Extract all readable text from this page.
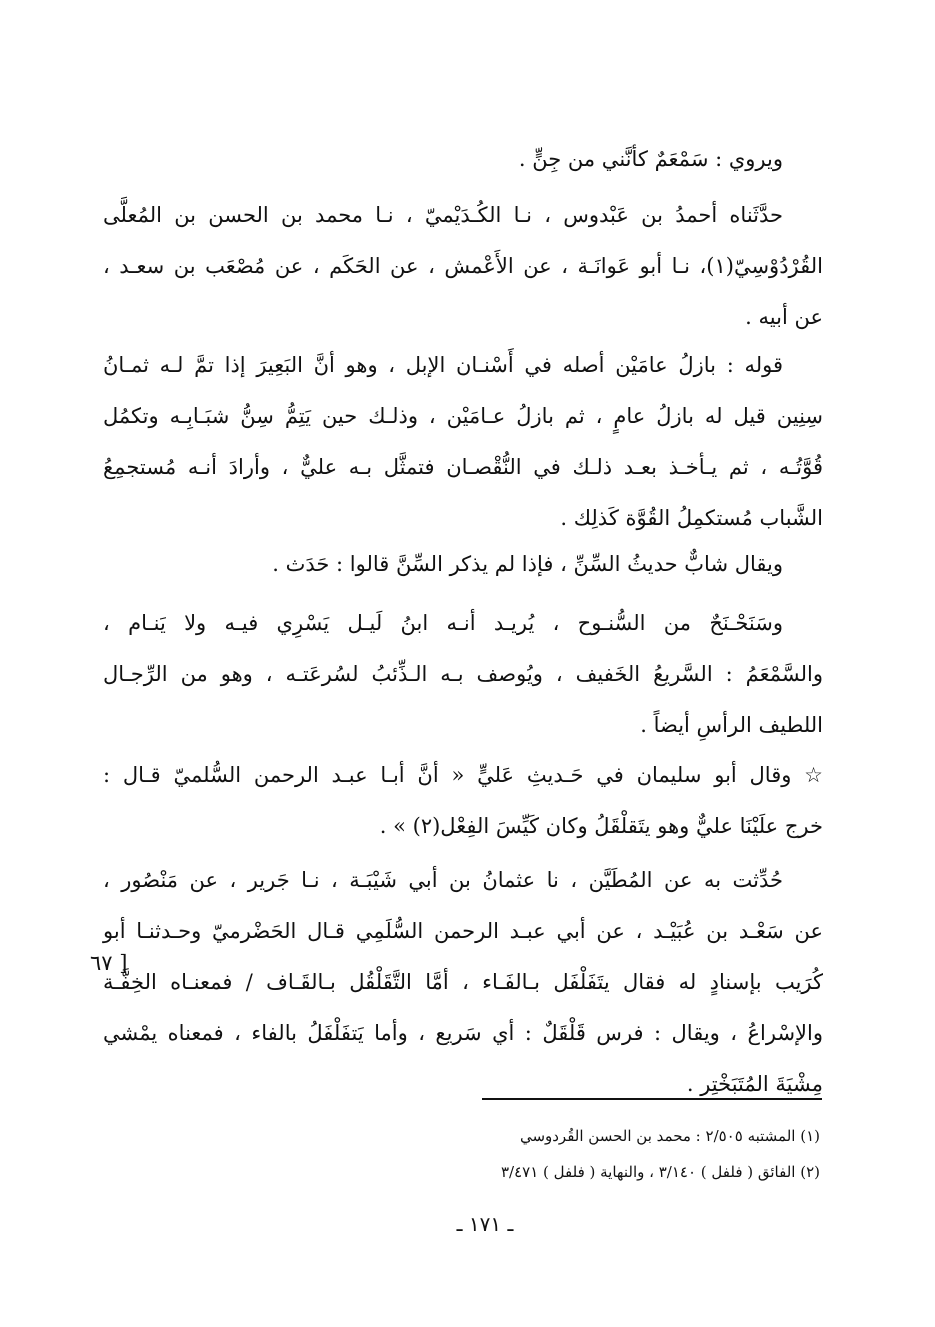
ويروي : سَمْعَمٌ كأنَّني من جِنٍّ .
حدَّثَناه أحمدُ بن عَبْدوس ، نـا الكُـدَيْميّ ، نـا محمد بن الحسن بن المُعلَّى
القُرْدُوْسِيّ(١)، نـا أبو عَوانَـة ، عن الأَعْمش ، عن الحَكَم ، عن مُصْعَب بن سعـد ،
عن أبيه .
قوله : بازلُ عامَيْن أصله في أَسْنـان الإبل ، وهو أنَّ البَعِيرَ إذا تمَّ لـه ثمـانُ
سِنِين قيل له بازلُ عامٍ ، ثم بازلُ عـامَيْن ، وذلـك حين يَتِمُّ سِنُّ شبَـابِـه وتكمُل
قُوَّتُـه ، ثم يـأخـذ بعـد ذلـك في النُّقْصـان فتمثَّل بـه عليٌّ ، وأرادَ أنـه مُستجمِعُ
الشَّباب مُستكمِلُ القُوَّة كَذلِك .
ويقال شابٌّ حديثُ السِّنِّ ، فإذا لم يذكر السِّنَّ قالوا : حَدَث .
وسَنَحْـنَحٌ من السُّنـوح ، يُريـد أنـه ابنُ لَيـل يَسْرِي فيـه ولا يَنـام ،
والسَّمْعَمُ : السَّريعُ الخَفيف ، ويُوصف بـه الـذِّئبُ لسُرعَتـه ، وهو من الرِّجـال
اللطيف الرأسِ أيضاً .
☆ وقال أبو سليمان في حَـديثِ عَليٍّ « أنَّ أبـا عبـد الرحمن السُّلميّ قـال :
خرج علَيْنَا عليٌّ وهو يتَقلْقَلُ وكان كَيِّسَ الفِعْل(٢) » .
حُدِّثت به عن المُطَيَّن ، نا عثمانُ بن أبي شَيْبَـة ، نـا جَرير ، عن مَنْصُور ،
عن سَعْـد بن عُبَيْـد ، عن أبي عبـد الرحمن السُّلَمِي قـال الحَضْرميّ وحـدثنـا أبو
كُرَيب بإسنادٍ له فقال يتَفَلْفَل بـالفَـاء ، أمَّا التَّقَلْقُل بـالقَـاف / فمعنـاه الخِفَّـة
والإسْراعُ ، ويقال : فرس قَلْقَلٌ : أي سَريع ، وأما يَتفَلْفَلُ بالفاء ، فمعناه يمْشي
مِشْيَةَ المُتَبَخْتِر .
[ ٦٧
(١) المشتبه ٢/٥٠٥ : محمد بن الحسن القُردوسي
(٢) الفائق ( فلفل ) ٣/١٤٠ ، والنهاية ( فلفل ) ٣/٤٧١
ـ ١٧١ ـ
